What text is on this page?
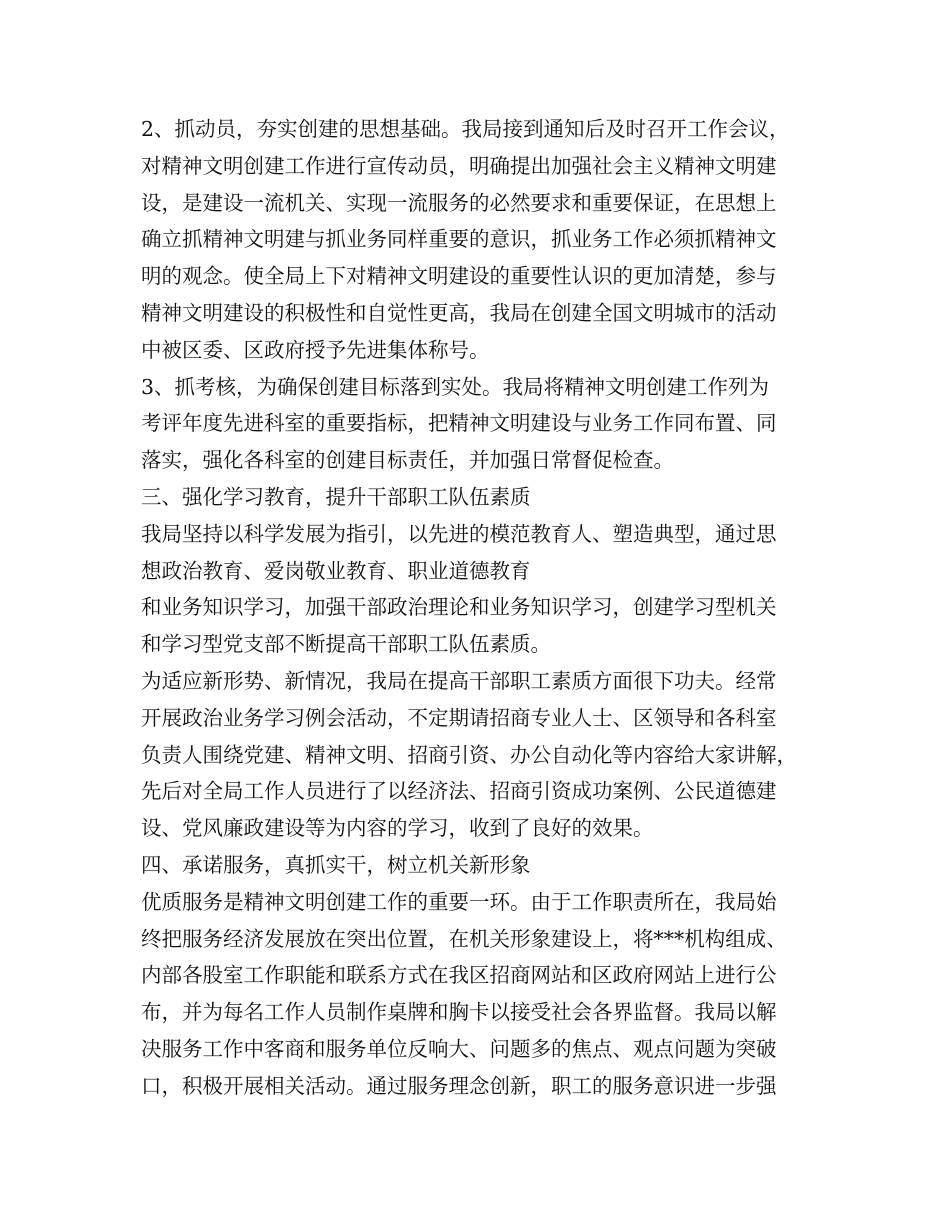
2、抓动员，夯实创建的思想基础。我局接到通知后及时召开工作会议，
对精神文明创建工作进行宣传动员，明确提出加强社会主义精神文明建
设，是建设一流机关、实现一流服务的必然要求和重要保证，在思想上
确立抓精神文明建与抓业务同样重要的意识，抓业务工作必须抓精神文
明的观念。使全局上下对精神文明建设的重要性认识的更加清楚，参与
精神文明建设的积极性和自觉性更高，我局在创建全国文明城市的活动
中被区委、区政府授予先进集体称号。
3、抓考核，为确保创建目标落到实处。我局将精神文明创建工作列为
考评年度先进科室的重要指标，把精神文明建设与业务工作同布置、同
落实，强化各科室的创建目标责任，并加强日常督促检查。
三、强化学习教育，提升干部职工队伍素质
我局坚持以科学发展为指引，以先进的模范教育人、塑造典型，通过思
想政治教育、爱岗敬业教育、职业道德教育
和业务知识学习，加强干部政治理论和业务知识学习，创建学习型机关
和学习型党支部不断提高干部职工队伍素质。
为适应新形势、新情况，我局在提高干部职工素质方面很下功夫。经常
开展政治业务学习例会活动，不定期请招商专业人士、区领导和各科室
负责人围绕党建、精神文明、招商引资、办公自动化等内容给大家讲解，
先后对全局工作人员进行了以经济法、招商引资成功案例、公民道德建
设、党风廉政建设等为内容的学习，收到了良好的效果。
四、承诺服务，真抓实干，树立机关新形象
优质服务是精神文明创建工作的重要一环。由于工作职责所在，我局始
终把服务经济发展放在突出位置，在机关形象建设上，将***机构组成、
内部各股室工作职能和联系方式在我区招商网站和区政府网站上进行公
布，并为每名工作人员制作桌牌和胸卡以接受社会各界监督。我局以解
决服务工作中客商和服务单位反响大、问题多的焦点、观点问题为突破
口，积极开展相关活动。通过服务理念创新，职工的服务意识进一步强
